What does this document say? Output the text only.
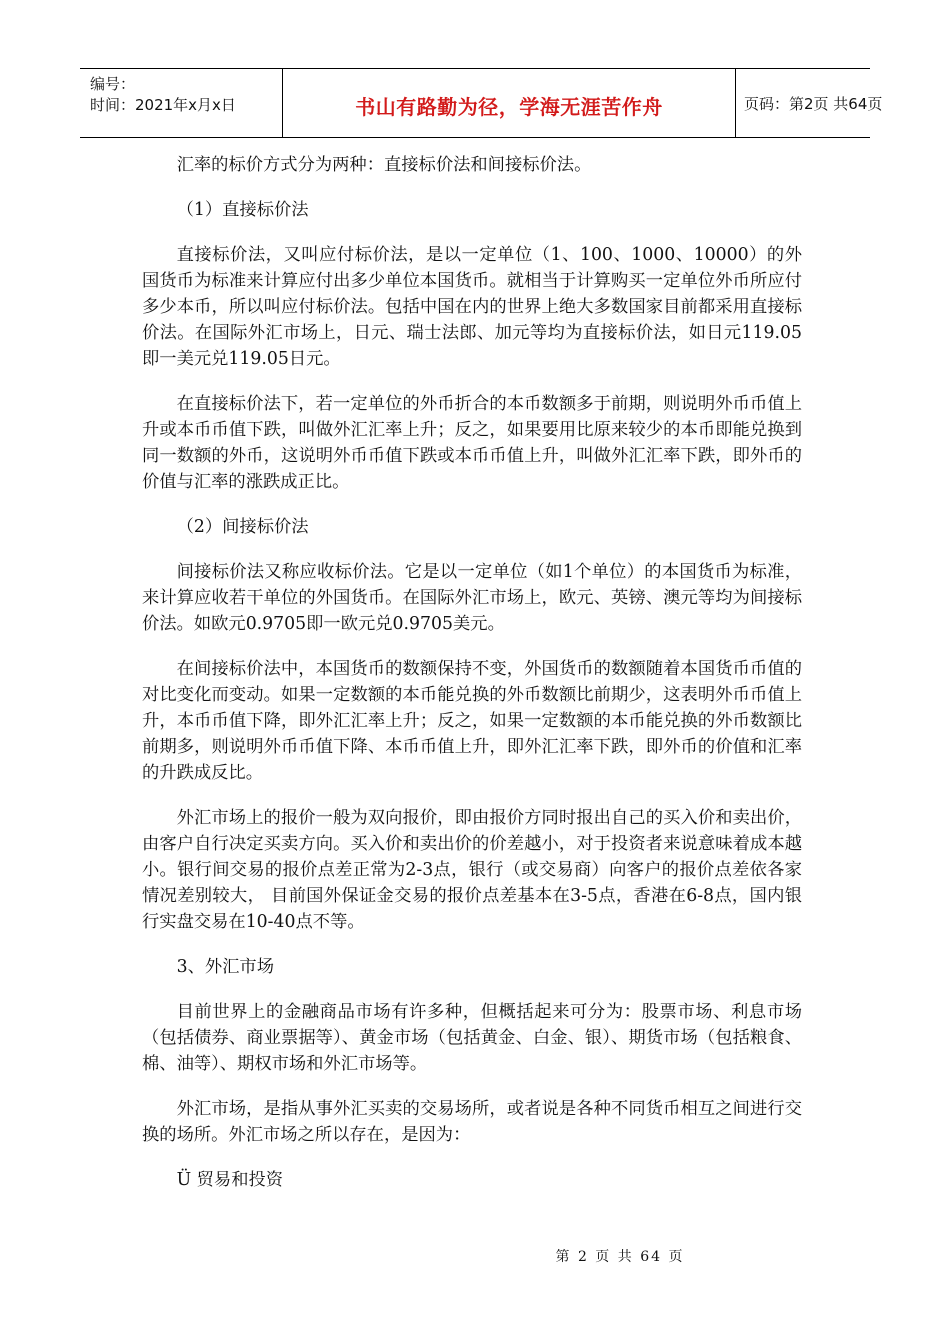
编号：
时间：2021年x月x日	书山有路勤为径，学海无涯苦作舟	页码：第2页 共64页

汇率的标价方式分为两种：直接标价法和间接标价法。

（1）直接标价法

直接标价法，又叫应付标价法，是以一定单位（1、100、1000、10000）的外国货币为标准来计算应付出多少单位本国货币。就相当于计算购买一定单位外币所应付多少本币，所以叫应付标价法。包括中国在内的世界上绝大多数国家目前都采用直接标价法。在国际外汇市场上，日元、瑞士法郎、加元等均为直接标价法，如日元119.05即一美元兑119.05日元。

在直接标价法下，若一定单位的外币折合的本币数额多于前期，则说明外币币值上升或本币币值下跌，叫做外汇汇率上升；反之，如果要用比原来较少的本币即能兑换到同一数额的外币，这说明外币币值下跌或本币币值上升，叫做外汇汇率下跌，即外币的价值与汇率的涨跌成正比。

（2）间接标价法

间接标价法又称应收标价法。它是以一定单位（如1个单位）的本国货币为标准，来计算应收若干单位的外国货币。在国际外汇市场上，欧元、英镑、澳元等均为间接标价法。如欧元0.9705即一欧元兑0.9705美元。

在间接标价法中，本国货币的数额保持不变，外国货币的数额随着本国货币币值的对比变化而变动。如果一定数额的本币能兑换的外币数额比前期少，这表明外币币值上升，本币币值下降，即外汇汇率上升；反之，如果一定数额的本币能兑换的外币数额比前期多，则说明外币币值下降、本币币值上升，即外汇汇率下跌，即外币的价值和汇率的升跌成反比。

外汇市场上的报价一般为双向报价，即由报价方同时报出自己的买入价和卖出价，由客户自行决定买卖方向。买入价和卖出价的价差越小，对于投资者来说意味着成本越小。银行间交易的报价点差正常为2-3点，银行（或交易商）向客户的报价点差依各家情况差别较大， 目前国外保证金交易的报价点差基本在3-5点，香港在6-8点，国内银行实盘交易在10-40点不等。

3、外汇市场

目前世界上的金融商品市场有许多种，但概括起来可分为：股票市场、利息市场（包括债券、商业票据等）、黄金市场（包括黄金、白金、银）、期货市场（包括粮食、棉、油等）、期权市场和外汇市场等。

外汇市场，是指从事外汇买卖的交易场所，或者说是各种不同货币相互之间进行交换的场所。外汇市场之所以存在，是因为：

Ü 贸易和投资

第 2 页 共 64 页
